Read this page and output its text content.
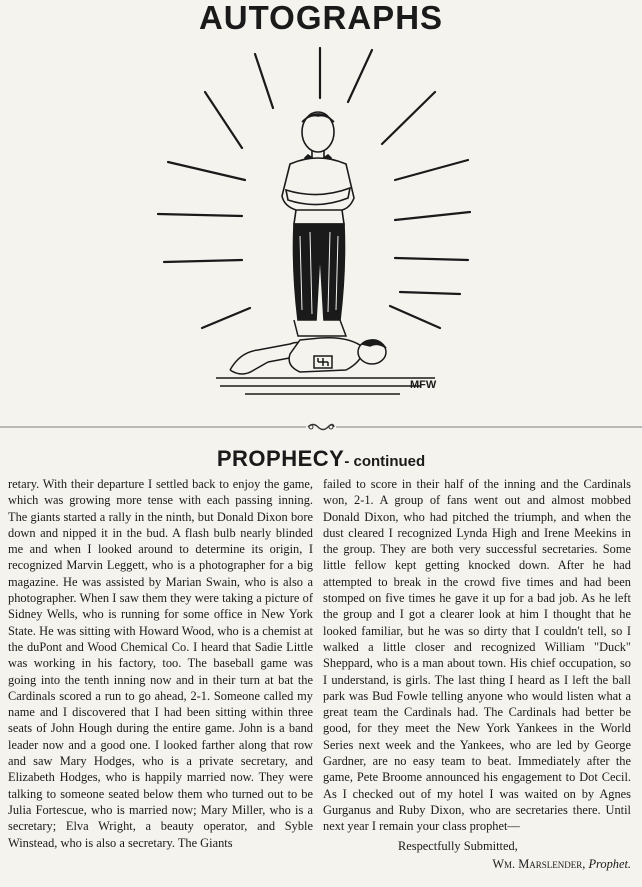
AUTOGRAPHS
MFW
PROPHECY- continued

retary. With their departure I settled back to enjoy the game, which was growing more tense with each passing inning. The giants started a rally in the ninth, but Donald Dixon bore down and nipped it in the bud. A flash bulb nearly blinded me and when I looked around to determine its origin, I recognized Marvin Leggett, who is a photographer for a big magazine. He was assisted by Marian Swain, who is also a photographer. When I saw them they were taking a picture of Sidney Wells, who is running for some office in New York State. He was sitting with Howard Wood, who is a chemist at the duPont and Wood Chemical Co. I heard that Sadie Little was working in his factory, too. The baseball game was going into the tenth inning now and in their turn at bat the Cardinals scored a run to go ahead, 2-1. Someone called my name and I discovered that I had been sitting within three seats of John Hough during the entire game. John is a band leader now and a good one. I looked farther along that row and saw Mary Hodges, who is a private secretary, and Elizabeth Hodges, who is happily married now. They were talking to someone seated below them who turned out to be Julia Fortescue, who is married now; Mary Miller, who is a secretary; Elva Wright, a beauty operator, and Syble Winstead, who is also a secretary. The Giants

failed to score in their half of the inning and the Cardinals won, 2-1. A group of fans went out and almost mobbed Donald Dixon, who had pitched the triumph, and when the dust cleared I recognized Lynda High and Irene Meekins in the group. They are both very successful secretaries. Some little fellow kept getting knocked down. After he had attempted to break in the crowd five times and had been stomped on five times he gave it up for a bad job. As he left the group and I got a clearer look at him I thought that he looked familiar, but he was so dirty that I couldn't tell, so I walked a little closer and recognized William "Duck" Sheppard, who is a man about town. His chief occupation, so I understand, is girls. The last thing I heard as I left the ball park was Bud Fowle telling anyone who would listen what a great team the Cardinals had. The Cardinals had better be good, for they meet the New York Yankees in the World Series next week and the Yankees, who are led by George Gardner, are no easy team to beat. Immediately after the game, Pete Broome announced his engagement to Dot Cecil. As I checked out of my hotel I was waited on by Agnes Gurganus and Ruby Dixon, who are secretaries there. Until next year I remain your class prophet—

Respectfully Submitted,
Wm. Marslender, Prophet.
